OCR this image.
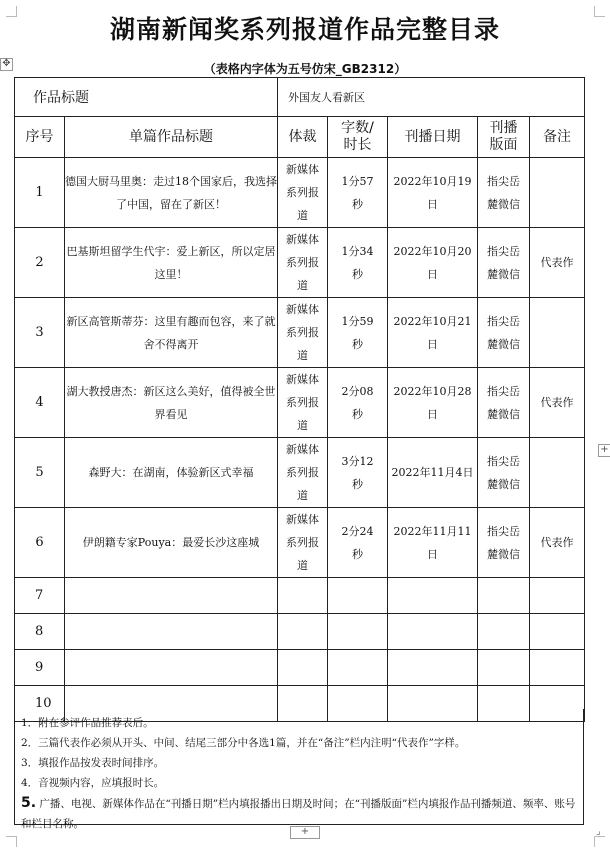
湖南新闻奖系列报道作品完整目录
（表格内字体为五号仿宋_GB2312）
✥
+
+	⌟
作品标题		外国友人看新区				
序号	单篇作品标题	体裁	字数/时长	刊播日期	刊播版面	备注
1	德国大厨马里奥：走过18个国家后，我选择了中国，留在了新区！	新媒体系列报道	1分57秒	2022年10月19日	指尖岳麓微信	
2	巴基斯坦留学生代宇：爱上新区，所以定居这里！	新媒体系列报道	1分34秒	2022年10月20日	指尖岳麓微信	代表作
3	新区高管斯蒂芬：这里有趣而包容，来了就舍不得离开	新媒体系列报道	1分59秒	2022年10月21日	指尖岳麓微信	
4	湖大教授唐杰：新区这么美好，值得被全世界看见	新媒体系列报道	2分08秒	2022年10月28日	指尖岳麓微信	代表作
5	森野大：在湖南，体验新区式幸福	新媒体系列报道	3分12秒	2022年11月4日	指尖岳麓微信	
6	伊朗籍专家Pouya：最爱长沙这座城	新媒体系列报道	2分24秒	2022年11月11日	指尖岳麓微信	代表作
7						
8						
9						
10						

1．附在参评作品推荐表后。

2．三篇代表作必须从开头、中间、结尾三部分中各选1篇，并在“备注”栏内注明“代表作”字样。

3．填报作品按发表时间排序。

4．音视频内容，应填报时长。

5. 广播、电视、新媒体作品在“刊播日期”栏内填报播出日期及时间；在“刊播版面”栏内填报作品刊播频道、频率、账号和栏目名称。
